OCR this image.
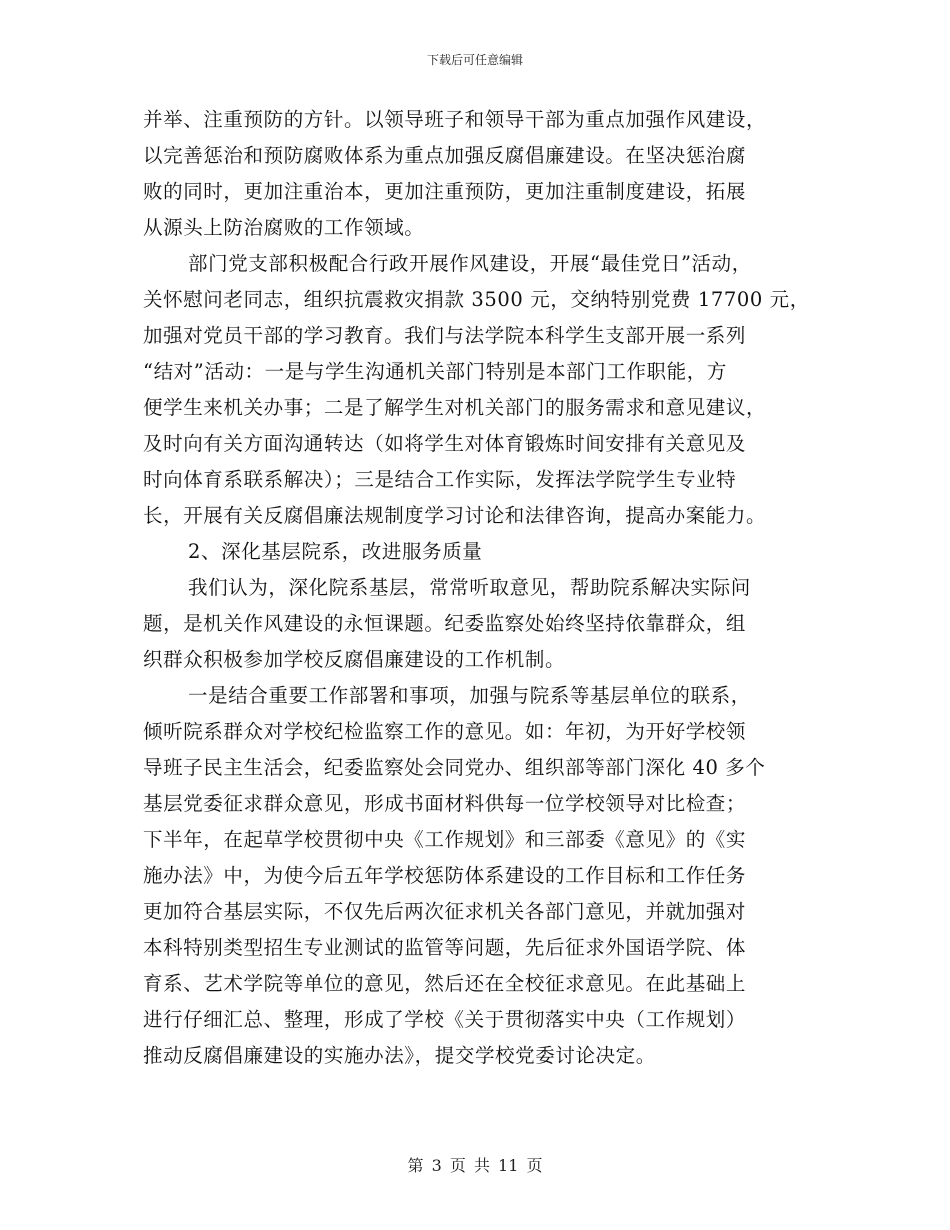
下载后可任意编辑
并举、注重预防的方针。以领导班子和领导干部为重点加强作风建设，
以完善惩治和预防腐败体系为重点加强反腐倡廉建设。在坚决惩治腐
败的同时，更加注重治本，更加注重预防，更加注重制度建设，拓展
从源头上防治腐败的工作领域。
部门党支部积极配合行政开展作风建设，开展“最佳党日”活动，
关怀慰问老同志，组织抗震救灾捐款 3500 元，交纳特别党费 17700 元，
加强对党员干部的学习教育。我们与法学院本科学生支部开展一系列
“结对”活动：一是与学生沟通机关部门特别是本部门工作职能，方
便学生来机关办事；二是了解学生对机关部门的服务需求和意见建议，
及时向有关方面沟通转达（如将学生对体育锻炼时间安排有关意见及
时向体育系联系解决）；三是结合工作实际，发挥法学院学生专业特
长，开展有关反腐倡廉法规制度学习讨论和法律咨询，提高办案能力。
2、深化基层院系，改进服务质量
我们认为，深化院系基层，常常听取意见，帮助院系解决实际问
题，是机关作风建设的永恒课题。纪委监察处始终坚持依靠群众，组
织群众积极参加学校反腐倡廉建设的工作机制。
一是结合重要工作部署和事项，加强与院系等基层单位的联系，
倾听院系群众对学校纪检监察工作的意见。如：年初，为开好学校领
导班子民主生活会，纪委监察处会同党办、组织部等部门深化 40 多个
基层党委征求群众意见，形成书面材料供每一位学校领导对比检查；
下半年，在起草学校贯彻中央《工作规划》和三部委《意见》的《实
施办法》中，为使今后五年学校惩防体系建设的工作目标和工作任务
更加符合基层实际，不仅先后两次征求机关各部门意见，并就加强对
本科特别类型招生专业测试的监管等问题，先后征求外国语学院、体
育系、艺术学院等单位的意见，然后还在全校征求意见。在此基础上
进行仔细汇总、整理，形成了学校《关于贯彻落实中央（工作规划）
推动反腐倡廉建设的实施办法》，提交学校党委讨论决定。
第 3 页 共 11 页
